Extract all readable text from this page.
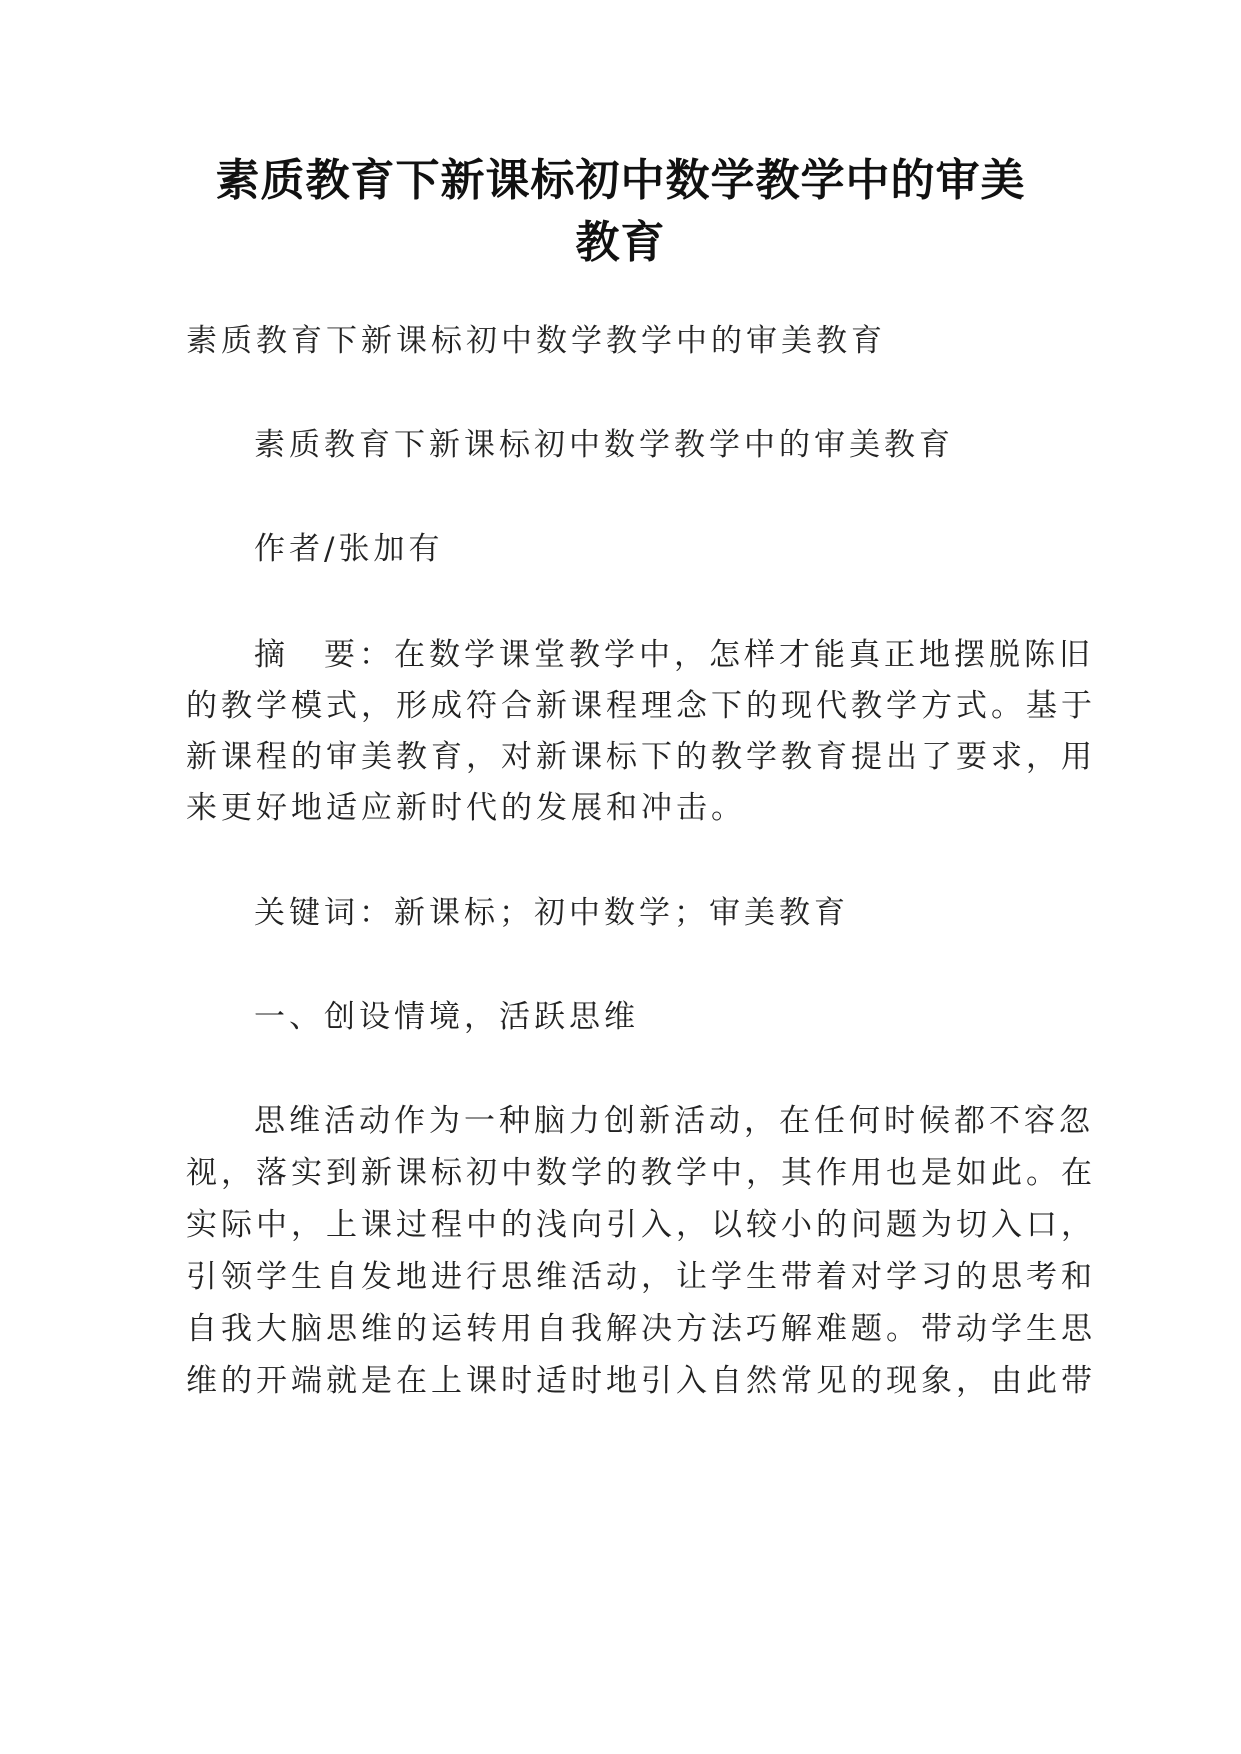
素质教育下新课标初中数学教学中的审美
教育

素质教育下新课标初中数学教学中的审美教育

素质教育下新课标初中数学教学中的审美教育

作者/张加有

摘　要：在数学课堂教学中，怎样才能真正地摆脱陈旧

的教学模式，形成符合新课程理念下的现代教学方式。基于

新课程的审美教育，对新课标下的教学教育提出了要求，用

来更好地适应新时代的发展和冲击。

关键词：新课标；初中数学；审美教育

一、创设情境，活跃思维

思维活动作为一种脑力创新活动，在任何时候都不容忽

视，落实到新课标初中数学的教学中，其作用也是如此。在

实际中，上课过程中的浅向引入，以较小的问题为切入口，

引领学生自发地进行思维活动，让学生带着对学习的思考和

自我大脑思维的运转用自我解决方法巧解难题。带动学生思

维的开端就是在上课时适时地引入自然常见的现象，由此带
